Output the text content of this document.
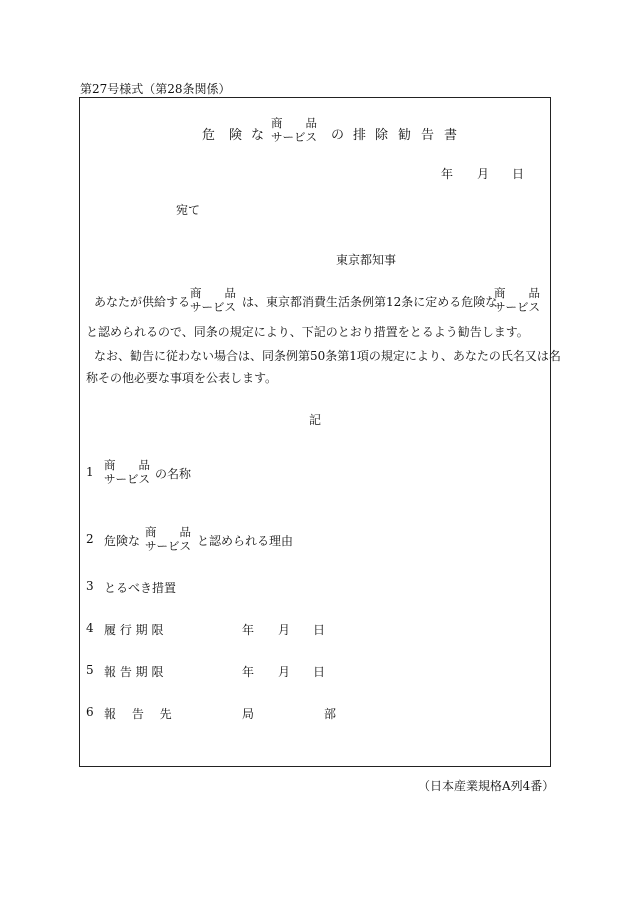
第27号様式（第28条関係）
危 険 な
商　　品
サービス の 排 除 勧 告 書
年 月 日
宛て
東京都知事
あなたが供給する
商　　品
サービス は、東京都消費生活条例第12条に定める危険な
商　　品
サービス
と認められるので、同条の規定により、下記のとおり措置をとるよう勧告します。
なお、勧告に従わない場合は、同条例第50条第1項の規定により、あなたの氏名又は名
称その他必要な事項を公表します。
記
1 商　　品
サービス の名称
2 危険な
商　　品
サービス と認められる理由
3 とるべき措置
4 履 行 期 限	年 月 日
5 報 告 期 限	年 月 日
6 報　 告　 先	局	部
（日本産業規格A列4番）
